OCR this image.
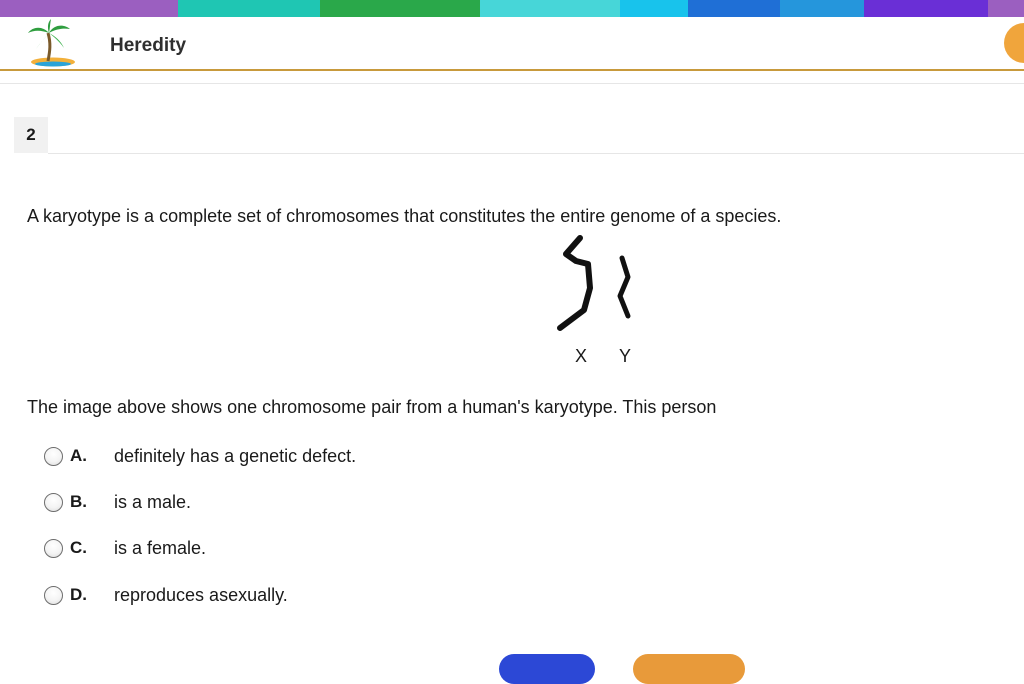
Heredity
2
A karyotype is a complete set of chromosomes that constitutes the entire genome of a species.
X Y
The image above shows one chromosome pair from a human's karyotype. This person
A.	definitely has a genetic defect.
B.	is a male.
C.	is a female.
D.	reproduces asexually.
